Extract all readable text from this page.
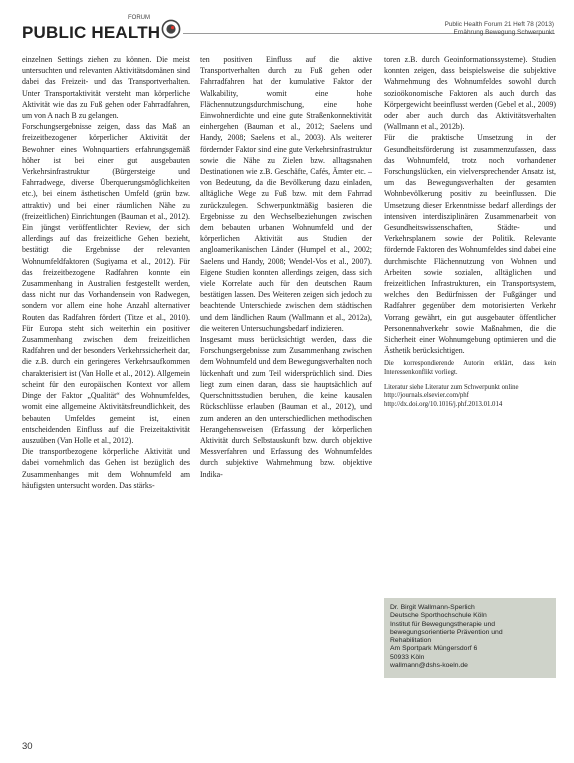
PUBLIC HEALTH
FORUM
Public Health Forum 21 Heft 78 (2013)
Ernährung Bewegung Schwerpunkt

einzelnen Settings ziehen zu können. Die meist untersuchten und relevanten Aktivitätsdomänen sind dabei das Freizeit- und das Transportverhalten. Unter Transportaktivität versteht man körperliche Aktivität wie das zu Fuß gehen oder Fahrradfahren, um von A nach B zu gelangen.

Forschungsergebnisse zeigen, dass das Maß an freizeitbezogener körperlicher Aktivität der Bewohner eines Wohnquartiers erfahrungsgemäß höher ist bei einer gut ausgebauten Verkehrsinfrastruktur (Bürgersteige und Fahrradwege, diverse Überquerungsmöglichkeiten etc.), bei einem ästhetischen Umfeld (grün bzw. attraktiv) und bei einer räumlichen Nähe zu (freizeitlichen) Einrichtungen (Bauman et al., 2012). Ein jüngst veröffentlichter Review, der sich allerdings auf das freizeitliche Gehen bezieht, bestätigt die Ergebnisse der relevanten Wohnumfeldfaktoren (Sugiyama et al., 2012). Für das freizeitbezogene Radfahren konnte ein Zusammenhang in Australien festgestellt werden, dass nicht nur das Vorhandensein von Radwegen, sondern vor allem eine hohe Anzahl alternativer Routen das Radfahren fördert (Titze et al., 2010). Für Europa steht sich weiterhin ein positiver Zusammenhang zwischen dem freizeitlichen Radfahren und der besonders Verkehrssicherheit dar, die z.B. durch ein geringeres Verkehrsaufkommen charakterisiert ist (Van Holle et al., 2012). Allgemein scheint für den europäischen Kontext vor allem Dinge der Faktor „Qualität“ des Wohnumfeldes, womit eine allgemeine Aktivitätsfreundlichkeit, des bebauten Umfeldes gemeint ist, einen entscheidenden Einfluss auf die Freizeitaktivität auszuüben (Van Holle et al., 2012).

Die transportbezogene körperliche Aktivität und dabei vornehmlich das Gehen ist bezüglich des Zusammenhanges mit dem Wohnumfeld am häufigsten untersucht worden. Das stärks-

ten positiven Einfluss auf die aktive Transportverhalten durch zu Fuß gehen oder Fahrradfahren hat der kumulative Faktor der Walkability, womit eine hohe Flächennutzungsdurchmischung, eine hohe Einwohnerdichte und eine gute Straßenkonnektivität einhergehen (Bauman et al., 2012; Saelens und Handy, 2008; Saelens et al., 2003). Als weiterer fördernder Faktor sind eine gute Verkehrsinfrastruktur sowie die Nähe zu Zielen bzw. alltagsnahen Destinationen wie z.B. Geschäfte, Cafés, Ämter etc. – von Bedeutung, da die Bevölkerung dazu einladen, alltägliche Wege zu Fuß bzw. mit dem Fahrrad zurückzulegen. Schwerpunktmäßig basieren die Ergebnisse zu den Wechselbeziehungen zwischen dem bebauten urbanen Wohnumfeld und der körperlichen Aktivität aus Studien der angloamerikanischen Länder (Humpel et al., 2002; Saelens und Handy, 2008; Wendel-Vos et al., 2007). Eigene Studien konnten allerdings zeigen, dass sich viele Korrelate auch für den deutschen Raum bestätigen lassen. Des Weiteren zeigen sich jedoch zu beachtende Unterschiede zwischen dem städtischen und dem ländlichen Raum (Wallmann et al., 2012a), die weiteren Untersuchungsbedarf indizieren.

Insgesamt muss berücksichtigt werden, dass die Forschungsergebnisse zum Zusammenhang zwischen dem Wohnumfeld und dem Bewegungsverhalten noch lückenhaft und zum Teil widersprüchlich sind. Dies liegt zum einen daran, dass sie hauptsächlich auf Querschnittsstudien beruhen, die keine kausalen Rückschlüsse erlauben (Bauman et al., 2012), und zum anderen an den unterschiedlichen methodischen Herangehensweisen (Erfassung der körperlichen Aktivität durch Selbstauskunft bzw. durch objektive Messverfahren und Erfassung des Wohnumfeldes durch subjektive Wahrnehmung bzw. objektive Indika-

toren z.B. durch Geoinformationssysteme). Studien konnten zeigen, dass beispielsweise die subjektive Wahrnehmung des Wohnumfeldes sowohl durch sozioökonomische Faktoren als auch durch das Körpergewicht beeinflusst werden (Gebel et al., 2009) oder aber auch durch das Aktivitätsverhalten (Wallmann et al., 2012b).

Für die praktische Umsetzung in der Gesundheitsförderung ist zusammenzufassen, dass das Wohnumfeld, trotz noch vorhandener Forschungslücken, ein vielversprechender Ansatz ist, um das Bewegungsverhalten der gesamten Wohnbevölkerung positiv zu beeinflussen. Die Umsetzung dieser Erkenntnisse bedarf allerdings der intensiven interdisziplinären Zusammenarbeit von Gesundheitswissenschaften, Städte- und Verkehrsplanern sowie der Politik. Relevante fördernde Faktoren des Wohnumfeldes sind dabei eine durchmischte Flächennutzung von Wohnen und Arbeiten sowie sozialen, alltäglichen und freizeitlichen Infrastrukturen, ein Transportsystem, welches den Bedürfnissen der Fußgänger und Radfahrer gegenüber dem motorisierten Verkehr Vorrang gewährt, ein gut ausgebauter öffentlicher Personennahverkehr sowie Maßnahmen, die die Sicherheit einer Wohnumgebung optimieren und die Ästhetik berücksichtigen.

Die korrespondierende Autorin erklärt, dass kein Interessenkonflikt vorliegt.

Literatur siehe Literatur zum Schwerpunkt online
http://journals.elsevier.com/phf
http://dx.doi.org/10.1016/j.phf.2013.01.014

Dr. Birgit Wallmann-Sperlich
Deutsche Sporthochschule Köln
Institut für Bewegungstherapie und
bewegungsorientierte Prävention und
Rehabilitation
Am Sportpark Müngersdorf 6
50933 Köln
wallmann@dshs-koeln.de
30
